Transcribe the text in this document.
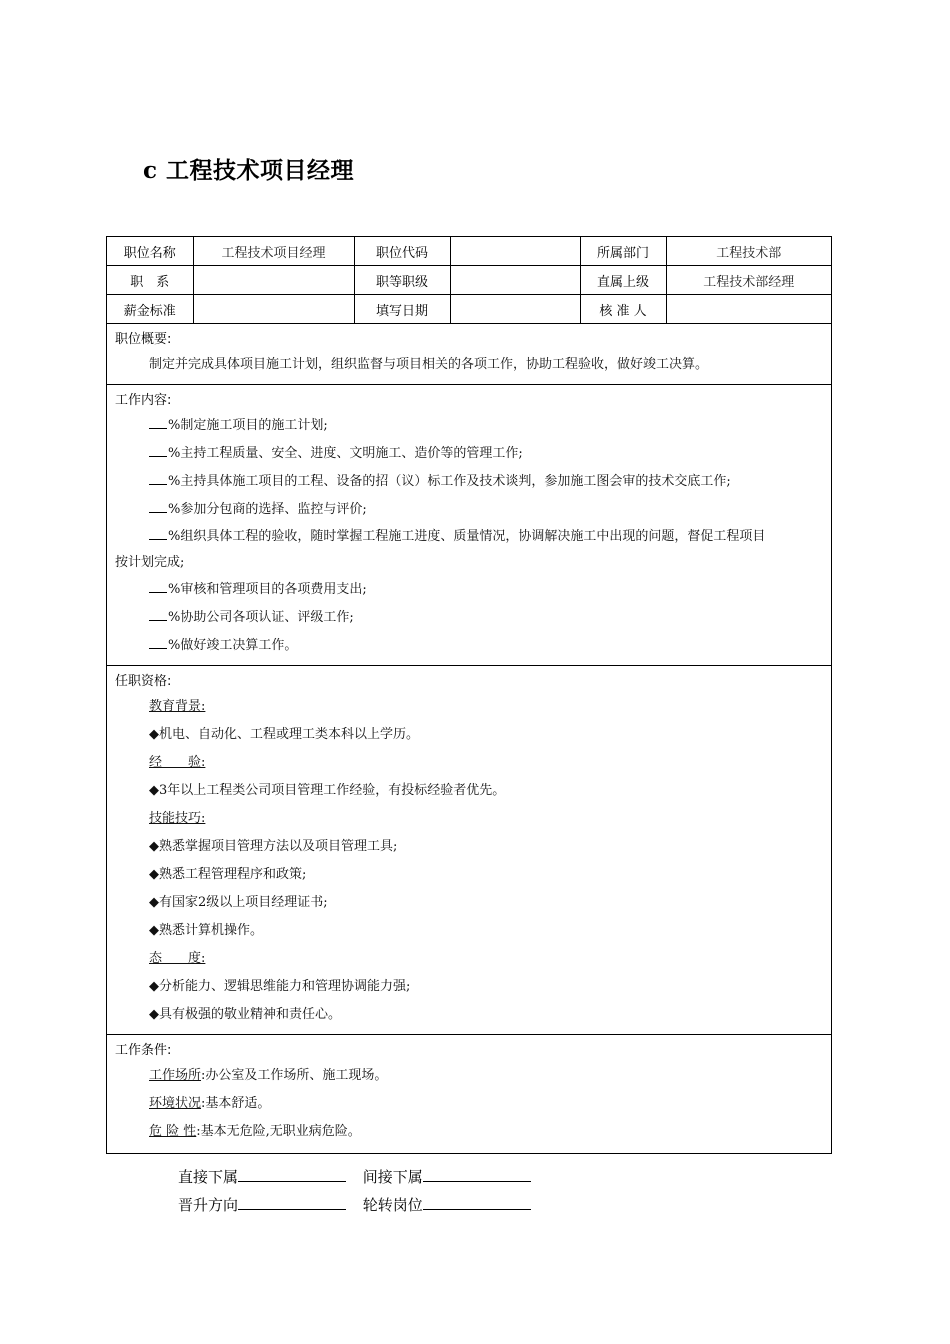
c 工程技术项目经理
职位名称	工程技术项目经理	职位代码		所属部门	工程技术部
职　系		职等职级		直属上级	工程技术部经理
薪金标准		填写日期		核 准 人	
职位概要:
制定并完成具体项目施工计划，组织监督与项目相关的各项工作，协助工程验收，做好竣工决算。
工作内容:
%制定施工项目的施工计划;
%主持工程质量、安全、进度、文明施工、造价等的管理工作;
%主持具体施工项目的工程、设备的招（议）标工作及技术谈判，参加施工图会审的技术交底工作;
%参加分包商的选择、监控与评价;
%组织具体工程的验收，随时掌握工程施工进度、质量情况，协调解决施工中出现的问题，督促工程项目
按计划完成;
%审核和管理项目的各项费用支出;
%协助公司各项认证、评级工作;
%做好竣工决算工作。
任职资格:
教育背景:
◆机电、自动化、工程或理工类本科以上学历。
经　　验:
◆3年以上工程类公司项目管理工作经验，有投标经验者优先。
技能技巧:
◆熟悉掌握项目管理方法以及项目管理工具;
◆熟悉工程管理程序和政策;
◆有国家2级以上项目经理证书;
◆熟悉计算机操作。
态　　度:
◆分析能力、逻辑思维能力和管理协调能力强;
◆具有极强的敬业精神和责任心。
工作条件:
工作场所:办公室及工作场所、施工现场。
环境状况:基本舒适。
危 险 性:基本无危险,无职业病危险。
直接下属	间接下属
晋升方向	轮转岗位
